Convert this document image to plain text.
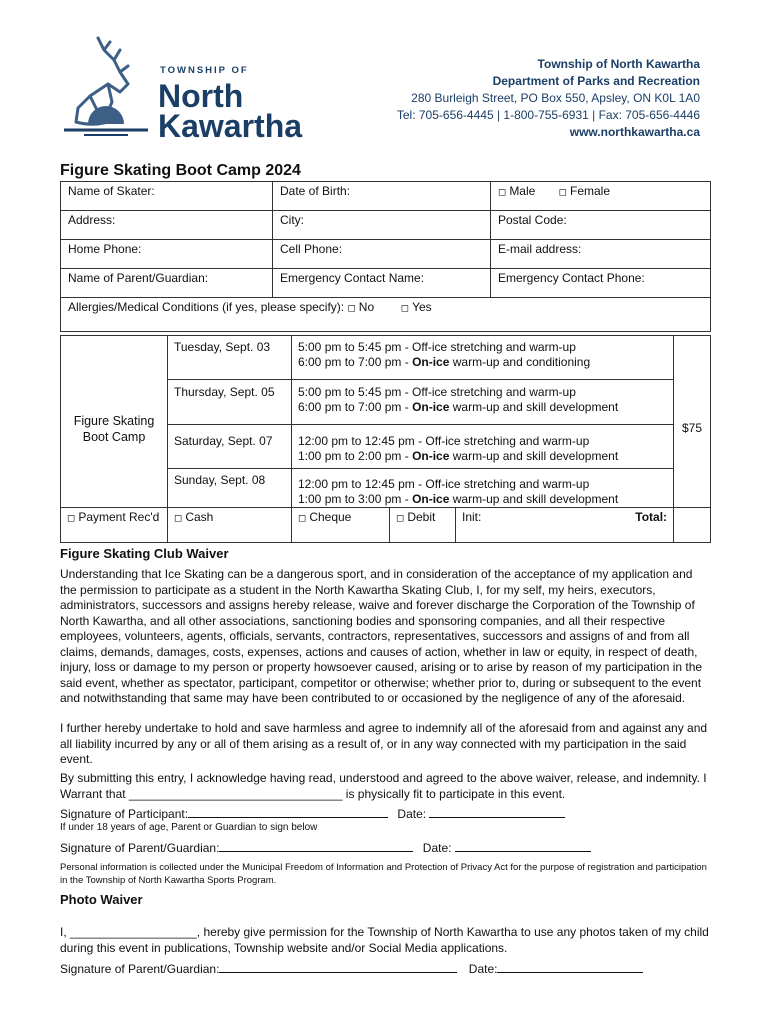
TOWNSHIP OF
North
Kawartha
Township of North Kawartha
Department of Parks and Recreation
280 Burleigh Street, PO Box 550, Apsley, ON K0L 1A0
Tel: 705-656-4445 | 1-800-755-6931 | Fax: 705-656-4446
www.northkawartha.ca
Figure Skating Boot Camp 2024
Name of Skater:	Date of Birth:	◻ Male ◻ Female
Address:	City:	Postal Code:
Home Phone:	Cell Phone:	E-mail address:
Name of Parent/Guardian:	Emergency Contact Name:	Emergency Contact Phone:
Allergies/Medical Conditions (if yes, please specify): ◻ No ◻ Yes		
Figure Skating Boot Camp	Tuesday, Sept. 03	5:00 pm to 5:45 pm - Off-ice stretching and warm-up
6:00 pm to 7:00 pm - On-ice warm-up and conditioning			$75
	Thursday, Sept. 05	5:00 pm to 5:45 pm - Off-ice stretching and warm-up
6:00 pm to 7:00 pm - On-ice warm-up and skill development			

	Saturday, Sept. 07	12:00 pm to 12:45 pm - Off-ice stretching and warm-up
1:00 pm to 2:00 pm - On-ice warm-up and skill development			

	Sunday, Sept. 08	12:00 pm to 12:45 pm - Off-ice stretching and warm-up
1:00 pm to 3:00 pm - On-ice warm-up and skill development			

◻ Payment Rec'd	◻ Cash	◻ Cheque	◻ Debit	Init: Total:	

Figure Skating Club Waiver
Understanding that Ice Skating can be a dangerous sport, and in consideration of the acceptance of my application and the permission to participate as a student in the North Kawartha Skating Club, I, for my self, my heirs, executors, administrators, successors and assigns hereby release, waive and forever discharge the Corporation of the Township of North Kawartha, and all other associations, sanctioning bodies and sponsoring companies, and all their respective employees, volunteers, agents, officials, servants, contractors, representatives, successors and assigns of and from all claims, demands, damages, costs, expenses, actions and causes of action, whether in law or equity, in respect of death, injury, loss or damage to my person or property howsoever caused, arising or to arise by reason of my participation in the said event, whether as spectator, participant, competitor or otherwise; whether prior to, during or subsequent to the event and notwithstanding that same may have been contributed to or occasioned by the negligence of any of the aforesaid.
I further hereby undertake to hold and save harmless and agree to indemnify all of the aforesaid from and against any and all liability incurred by any or all of them arising as a result of, or in any way connected with my participation in the said event.
By submitting this entry, I acknowledge having read, understood and agreed to the above waiver, release, and indemnity. I Warrant that ________________________________ is physically fit to participate in this event.
Signature of Participant:	Date:
If under 18 years of age, Parent or Guardian to sign below
Signature of Parent/Guardian:	Date:
Personal information is collected under the Municipal Freedom of Information and Protection of Privacy Act for the purpose of registration and participation in the Township of North Kawartha Sports Program.
Photo Waiver
I, ___________________, hereby give permission for the Township of North Kawartha to use any photos taken of my child during this event in publications, Township website and/or Social Media applications.
Signature of Parent/Guardian:	Date:
